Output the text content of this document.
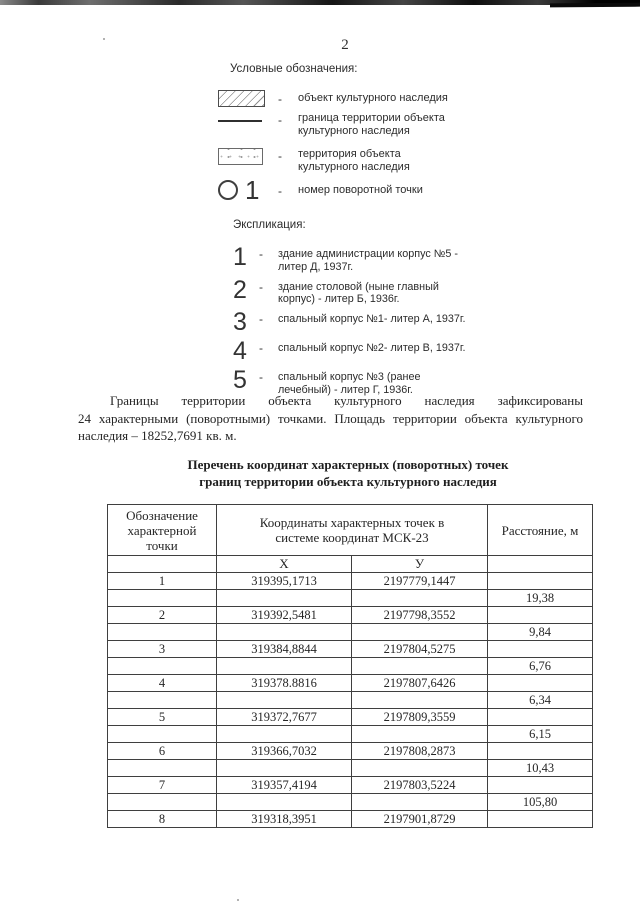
2
Условные обозначения:
-	объект культурного наследия
-	граница территории объекта
культурного наследия
-	территория объекта
культурного наследия
1 -	номер поворотной точки
Экспликация:
1	-	здание администрации корпус №5 -
литер Д, 1937г.
2	-	здание столовой (ныне главный
корпус) - литер Б, 1936г.
3	-	спальный корпус №1- литер А, 1937г.
4	-	спальный корпус №2- литер В, 1937г.
5	-	спальный корпус №3 (ранее
лечебный) - литер Г, 1936г.
Границы территории объекта культурного наследия зафиксированы
24 характерными (поворотными) точками. Площадь территории объекта культурного
наследия – 18252,7691 кв. м.
Перечень координат характерных (поворотных) точек
границ территории объекта культурного наследия
Обозначение характерной точки	Координаты характерных точек в
системе координат МСК-23		Расстояние, м
	Х	У	
1	319395,1713	2197779,1447	
			19,38
2	319392,5481	2197798,3552	
			9,84
3	319384,8844	2197804,5275	
			6,76
4	319378.8816	2197807,6426	
			6,34
5	319372,7677	2197809,3559	
			6,15
6	319366,7032	2197808,2873	
			10,43
7	319357,4194	2197803,5224	
			105,80
8	319318,3951	2197901,8729	
